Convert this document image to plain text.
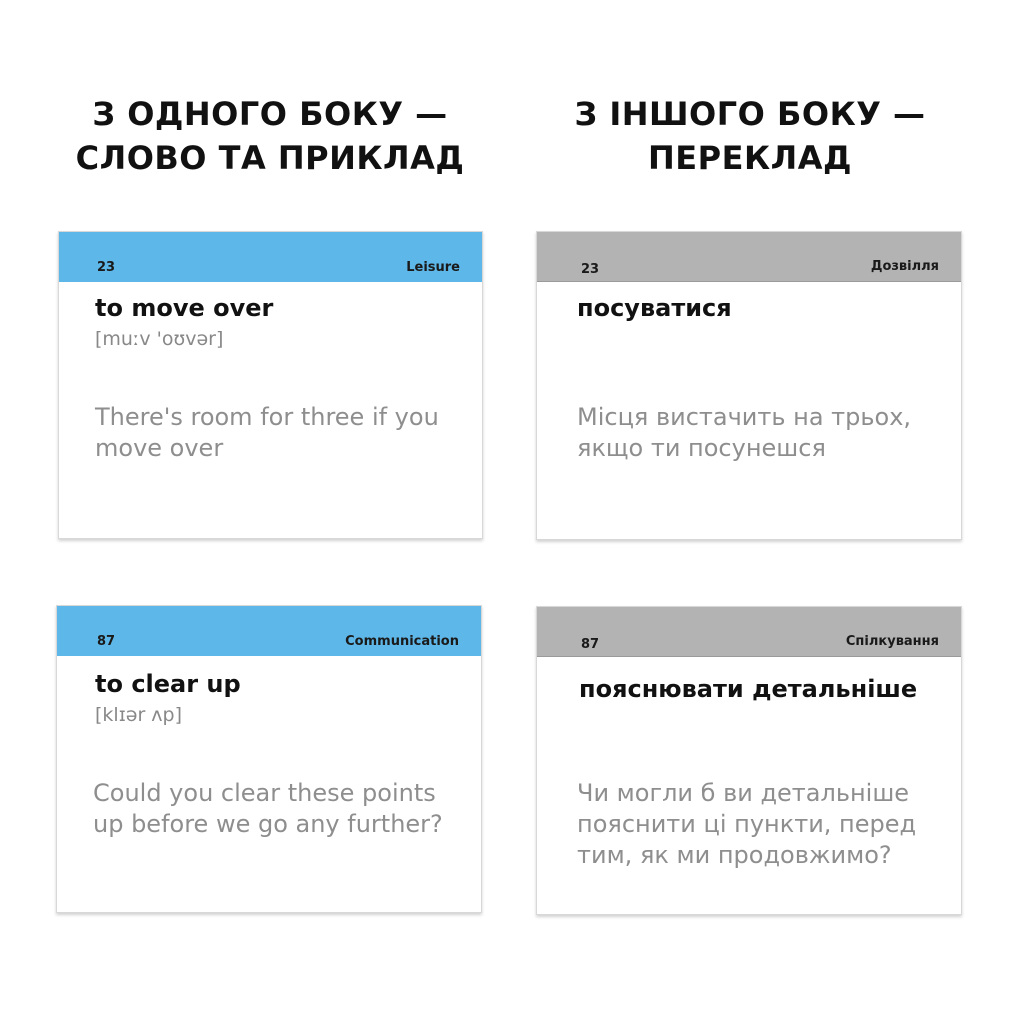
З ОДНОГО БОКУ —
СЛОВО ТА ПРИКЛАД
З ІНШОГО БОКУ —
ПЕРЕКЛАД
23	Leisure
to move over
[muːv 'oʊvər]
There's room for three if you move over
23	Дозвілля
посуватися
Місця вистачить на трьох, якщо ти посунешся
87	Communication
to clear up
[klɪər ʌp]
Could you clear these points up before we go any further?
87	Спілкування
пояснювати детальніше
Чи могли б ви детальніше пояснити ці пункти, перед тим, як ми продовжимо?
